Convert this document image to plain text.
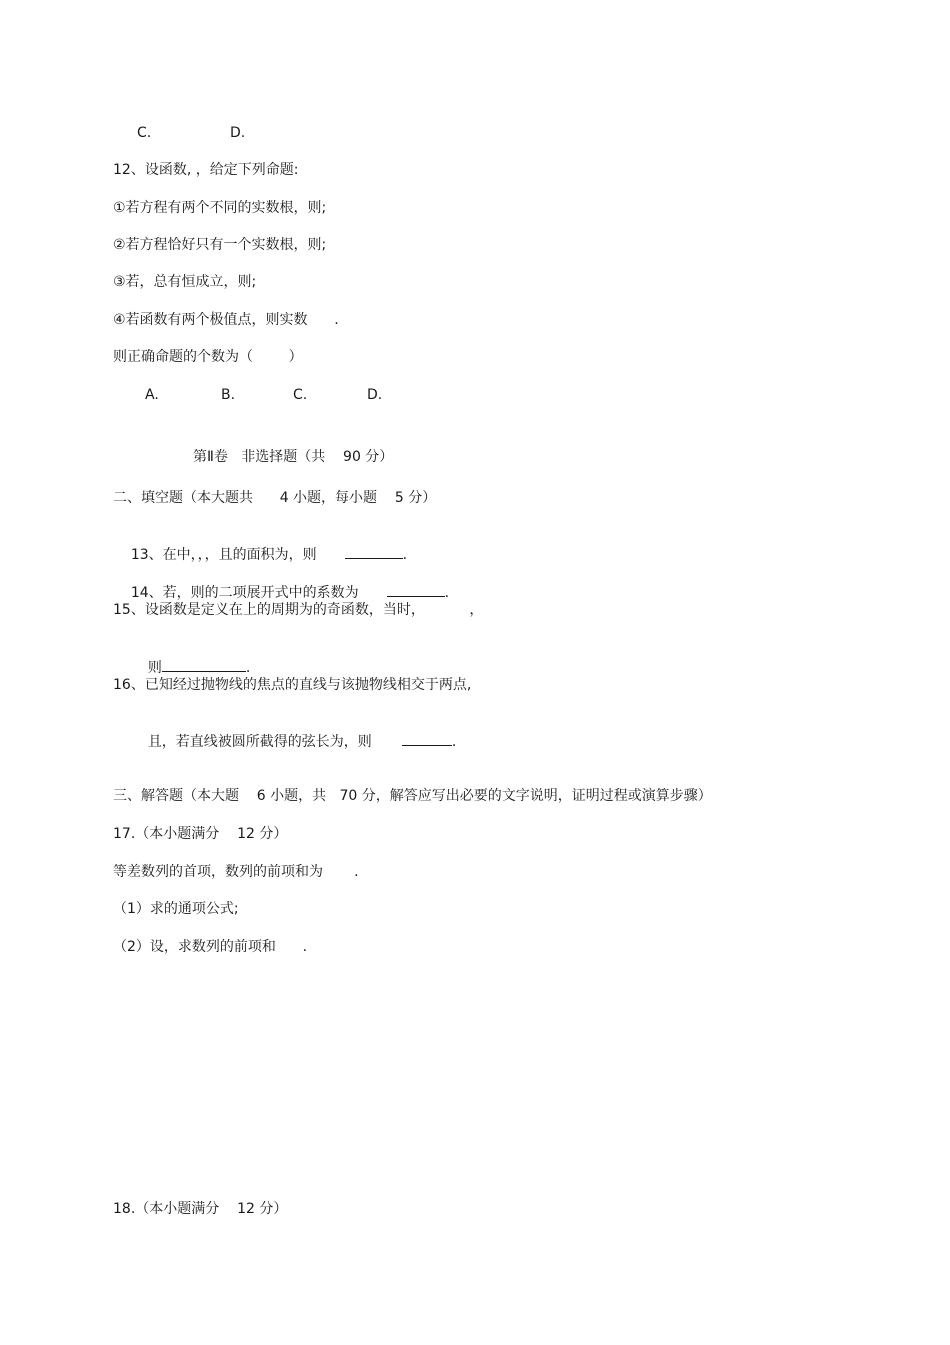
C.	D.
12、设函数, ，给定下列命题:
①若方程有两个不同的实数根，则;
②若方程恰好只有一个实数根，则;
③若，总有恒成立，则;
④若函数有两个极值点，则实数      .
则正确命题的个数为（        ）
A.	B.	C.	D.
第Ⅱ卷   非选择题（共    90 分）
二、填空题（本大题共      4 小题，每小题    5 分）

13、在中，，，且的面积为，则	.

14、若，则的二项展开式中的系数为	.

15、设函数是定义在上的周期为的奇函数，当时，          ，

则	.

16、已知经过抛物线的焦点的直线与该抛物线相交于两点,

且，若直线被圆所截得的弦长为，则	.

三、解答题（本大题    6 小题，共   70 分，解答应写出必要的文字说明，证明过程或演算步骤）
17.（本小题满分    12 分）
等差数列的首项，数列的前项和为       .
（1）求的通项公式;
（2）设，求数列的前项和      .
18.（本小题满分    12 分）
